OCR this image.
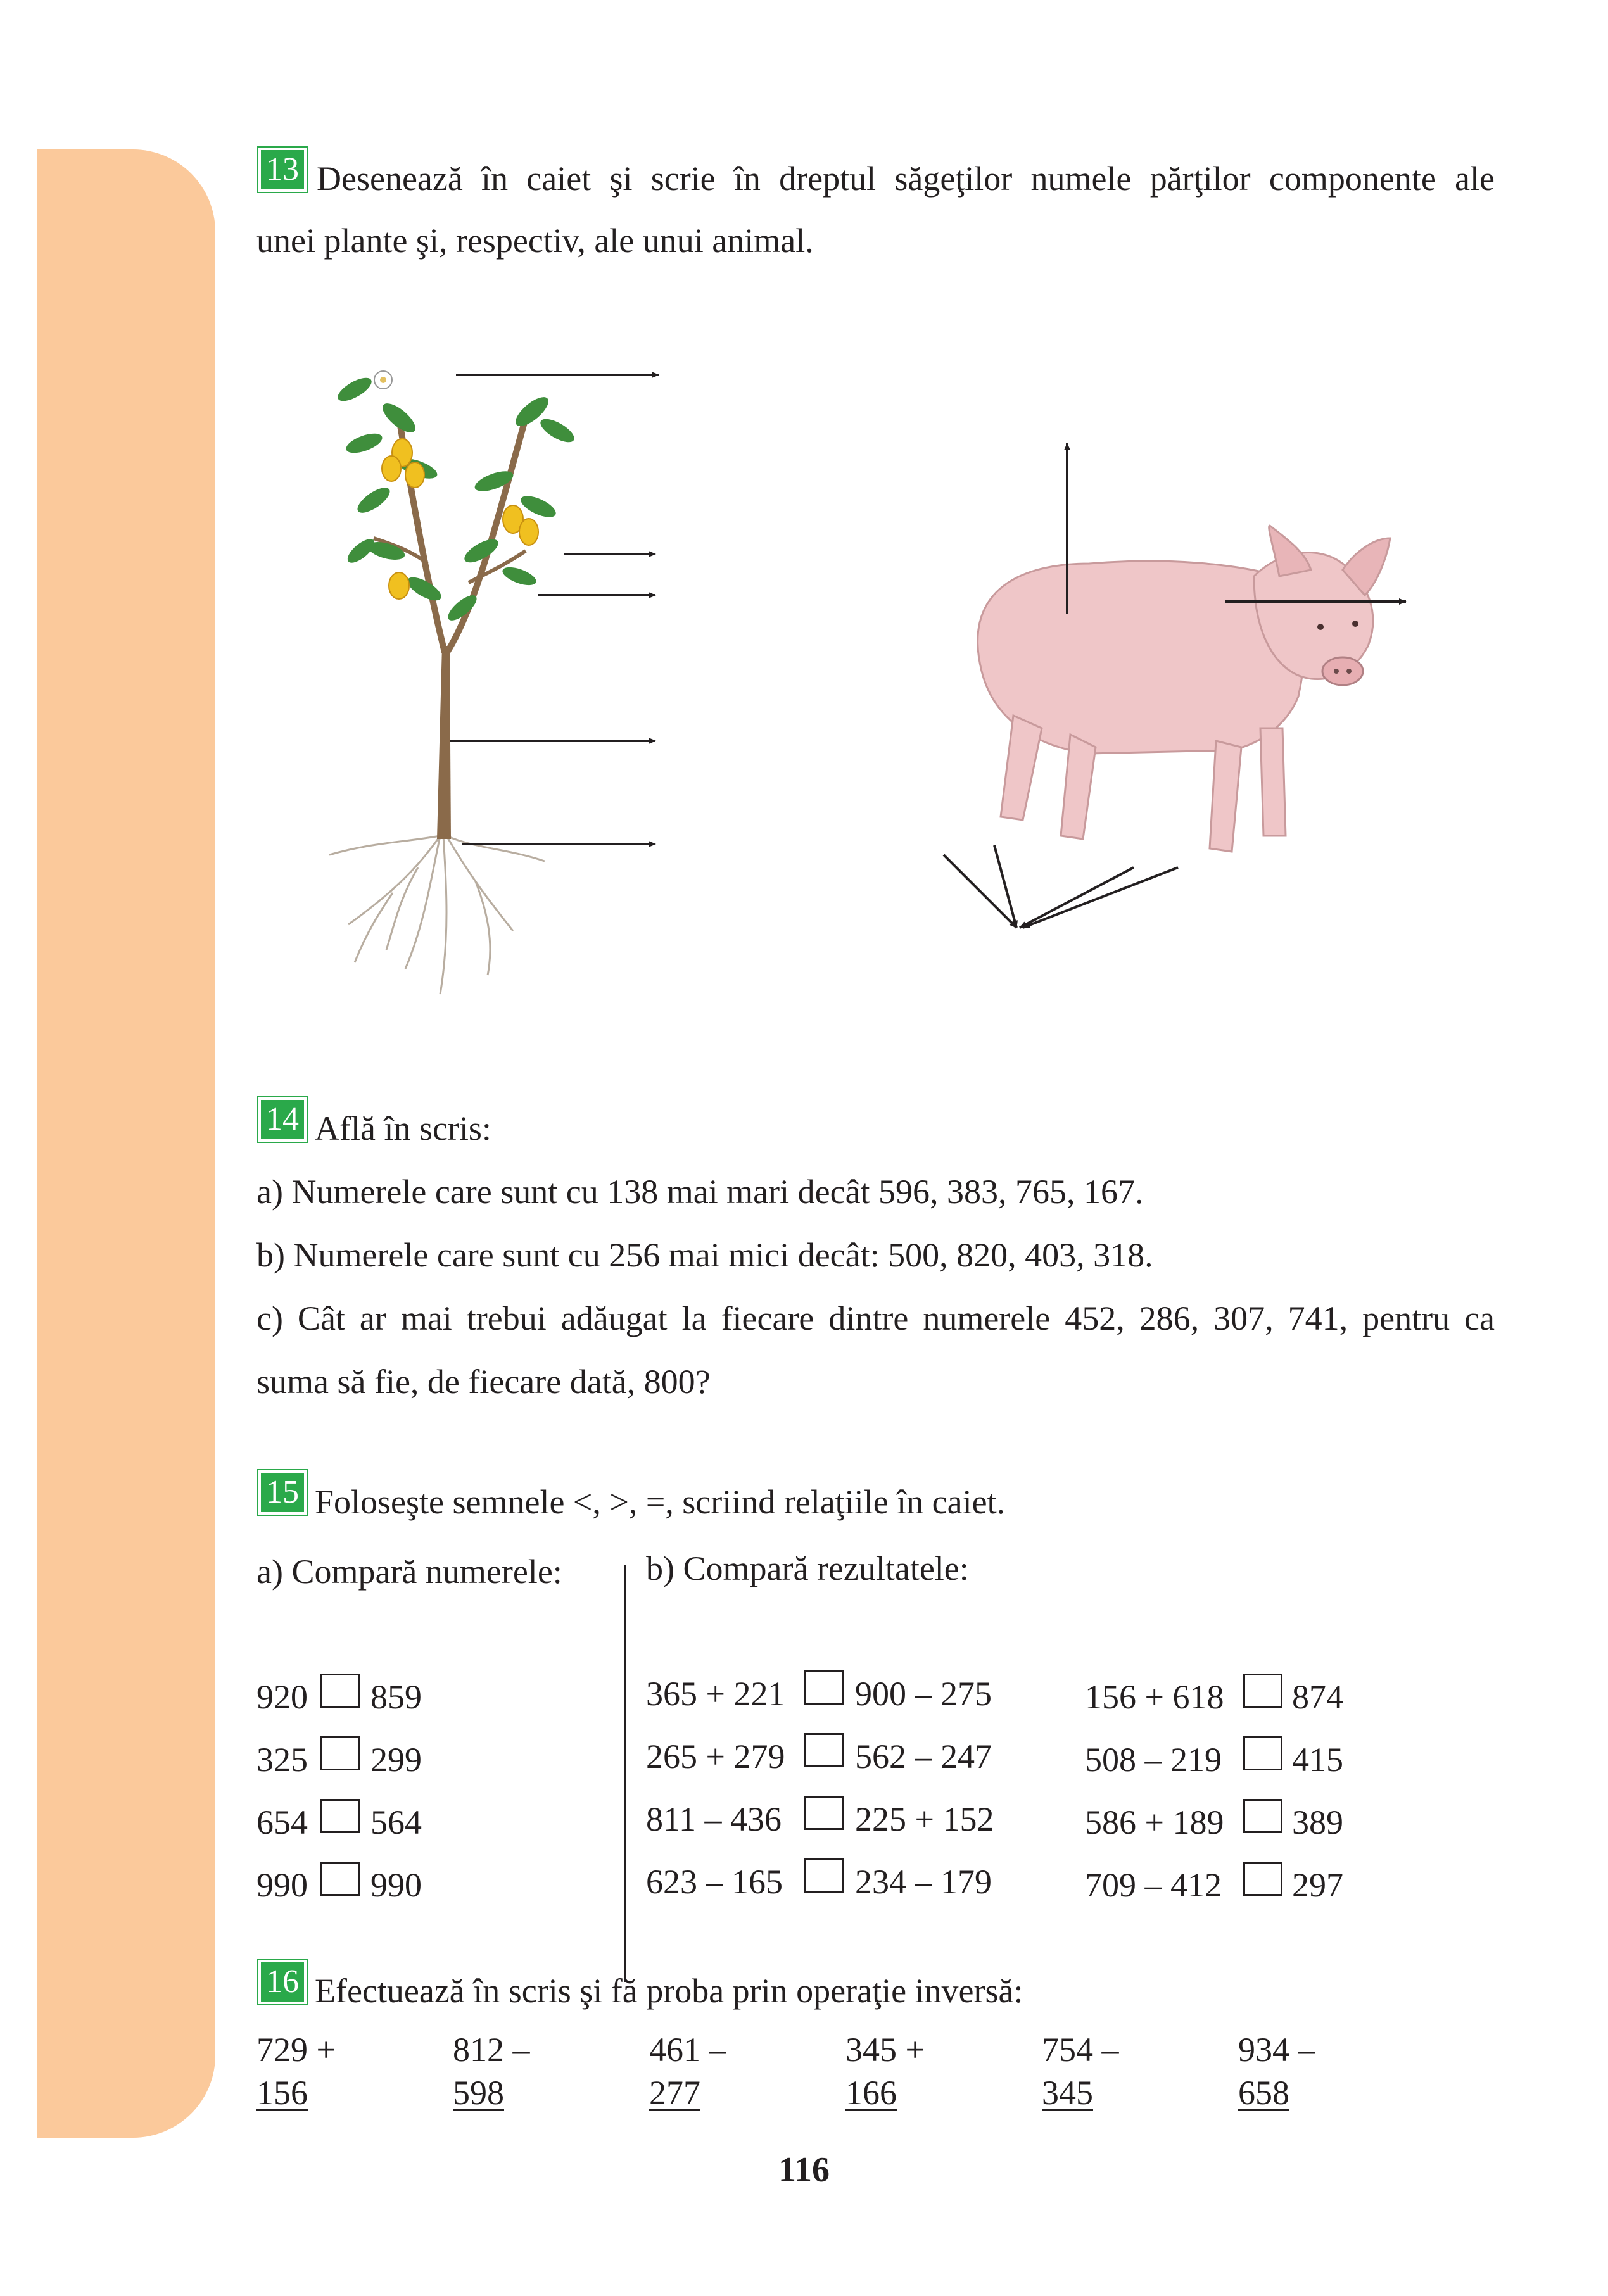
13 Desenează în caiet şi scrie în dreptul săgeţilor numele părţilor componente ale
unei plante şi, respectiv, ale unui animal.
14 Află în scris:
a) Numerele care sunt cu 138 mai mari decât 596, 383, 765, 167.
b) Numerele care sunt cu 256 mai mici decât: 500, 820, 403, 318.
c) Cât ar mai trebui adăugat la fiecare dintre numerele 452, 286, 307, 741, pentru ca
suma să fie, de fiecare dată, 800?
15 Foloseşte semnele <, >, =, scriind relaţiile în caiet.
a) Compară numerele: b) Compară rezultatele:
920 859
325 299
654 564
990 990
365 + 221 900 – 275
265 + 279 562 – 247
811 – 436 225 + 152
623 – 165 234 – 179
156 + 618 874
508 – 219 415
586 + 189 389
709 – 412 297
16 Efectuează în scris şi fă proba prin operaţie inversă:
729 +
156
812 –
598
461 –
277
345 +
166
754 –
345
934 –
658
116
